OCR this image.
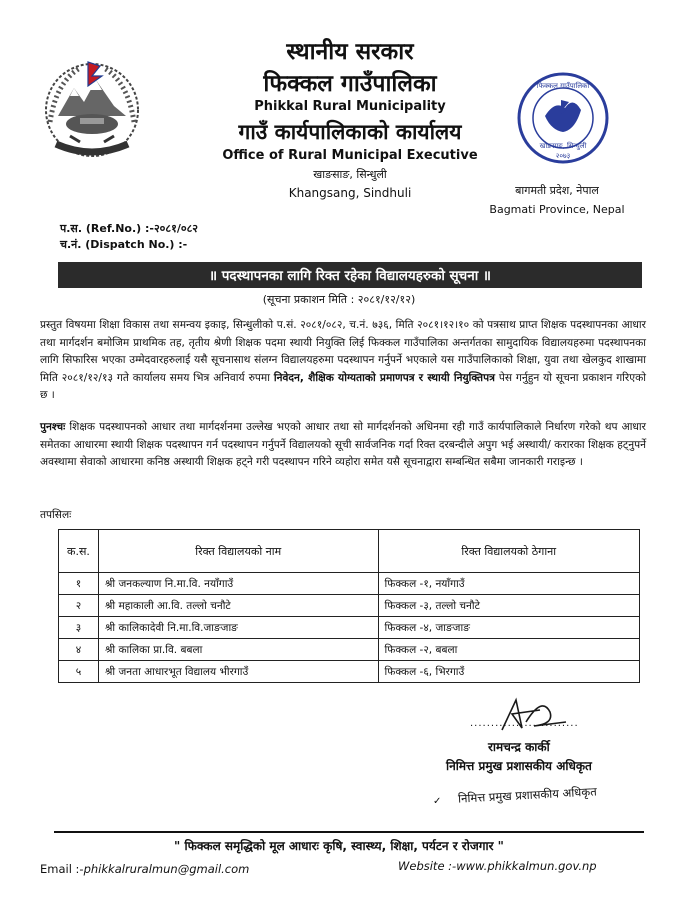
फिक्कल गाउँपालिका
खाङसाङ, सिन्धुली
२०७३
स्थानीय सरकार
फिक्कल गाउँपालिका
Phikkal Rural Municipality
गाउँ कार्यपालिकाको कार्यालय
Office of Rural Municipal Executive
खाङसाङ, सिन्धुली
Khangsang, Sindhuli	बागमती प्रदेश, नेपाल
Bagmati Province, Nepal
प.स. (Ref.No.) :-२०८१/०८२
च.नं. (Dispatch No.) :-
॥ पदस्थापनका लागि रिक्त रहेका विद्यालयहरुको सूचना ॥
(सूचना प्रकाशन मिति : २०८१/१२/१२)
प्रस्तुत विषयमा शिक्षा विकास तथा समन्वय इकाइ, सिन्धुलीको प.सं. २०८१/०८२, च.नं. ७३६, मिति २०८१।१२।१० को पत्रसाथ प्राप्त शिक्षक पदस्थापनका आधार तथा मार्गदर्शन बमोजिम प्राथमिक तह, तृतीय श्रेणी शिक्षक पदमा स्थायी नियुक्ति लिई फिक्कल गाउँपालिका अन्तर्गतका सामुदायिक विद्यालयहरुमा पदस्थापनका लागि सिफारिस भएका उम्मेदवारहरुलाई यसै सूचनासाथ संलग्न विद्यालयहरुमा पदस्थापन गर्नुपर्ने भएकाले यस गाउँपालिकाको शिक्षा, युवा तथा खेलकुद शाखामा मिति २०८१/१२/१३ गते कार्यालय समय भित्र अनिवार्य रुपमा निवेदन, शैक्षिक योग्यताको प्रमाणपत्र र स्थायी नियुक्तिपत्र पेस गर्नुहुन यो सूचना प्रकाशन गरिएको छ ।
पुनश्चः शिक्षक पदस्थापनको आधार तथा मार्गदर्शनमा उल्लेख भएको आधार तथा सो मार्गदर्शनको अधिनमा रही गाउँ कार्यपालिकाले निर्धारण गरेको थप आधार समेतका आधारमा स्थायी शिक्षक पदस्थापन गर्न पदस्थापन गर्नुपर्ने विद्यालयको सूची सार्वजनिक गर्दा रिक्त दरबन्दीले अपुग भई अस्थायी/ करारका शिक्षक हट्नुपर्ने अवस्थामा सेवाको आधारमा कनिष्ठ अस्थायी शिक्षक हट्ने गरी पदस्थापन गरिने व्यहोरा समेत यसै सूचनाद्वारा सम्बन्धित सबैमा जानकारी गराइन्छ ।
तपसिलः
क.स.	रिक्त विद्यालयको नाम	रिक्त विद्यालयको ठेगाना
१	श्री जनकल्याण नि.मा.वि. नयाँगाउँ	फिक्कल -१, नयाँगाउँ
२	श्री महाकाली आ.वि. तल्लो चनौटे	फिक्कल -३, तल्लो चनौटे
३	श्री कालिकादेवी नि.मा.वि.जाङजाङ	फिक्कल -४, जाङजाङ
४	श्री कालिका प्रा.वि. बबला	फिक्कल -२, बबला
५	श्री जनता आधारभूत विद्यालय भीरगाउँ	फिक्कल -६, भिरगाउँ
..........................
रामचन्द्र कार्की
निमित्त प्रमुख प्रशासकीय अधिकृत
✓ निमित्त प्रमुख प्रशासकीय अधिकृत
" फिक्कल समृद्धिको मूल आधारः कृषि, स्वास्थ्य, शिक्षा, पर्यटन र रोजगार "
Email :-phikkalruralmun@gmail.com	Website :-www.phikkalmun.gov.np
